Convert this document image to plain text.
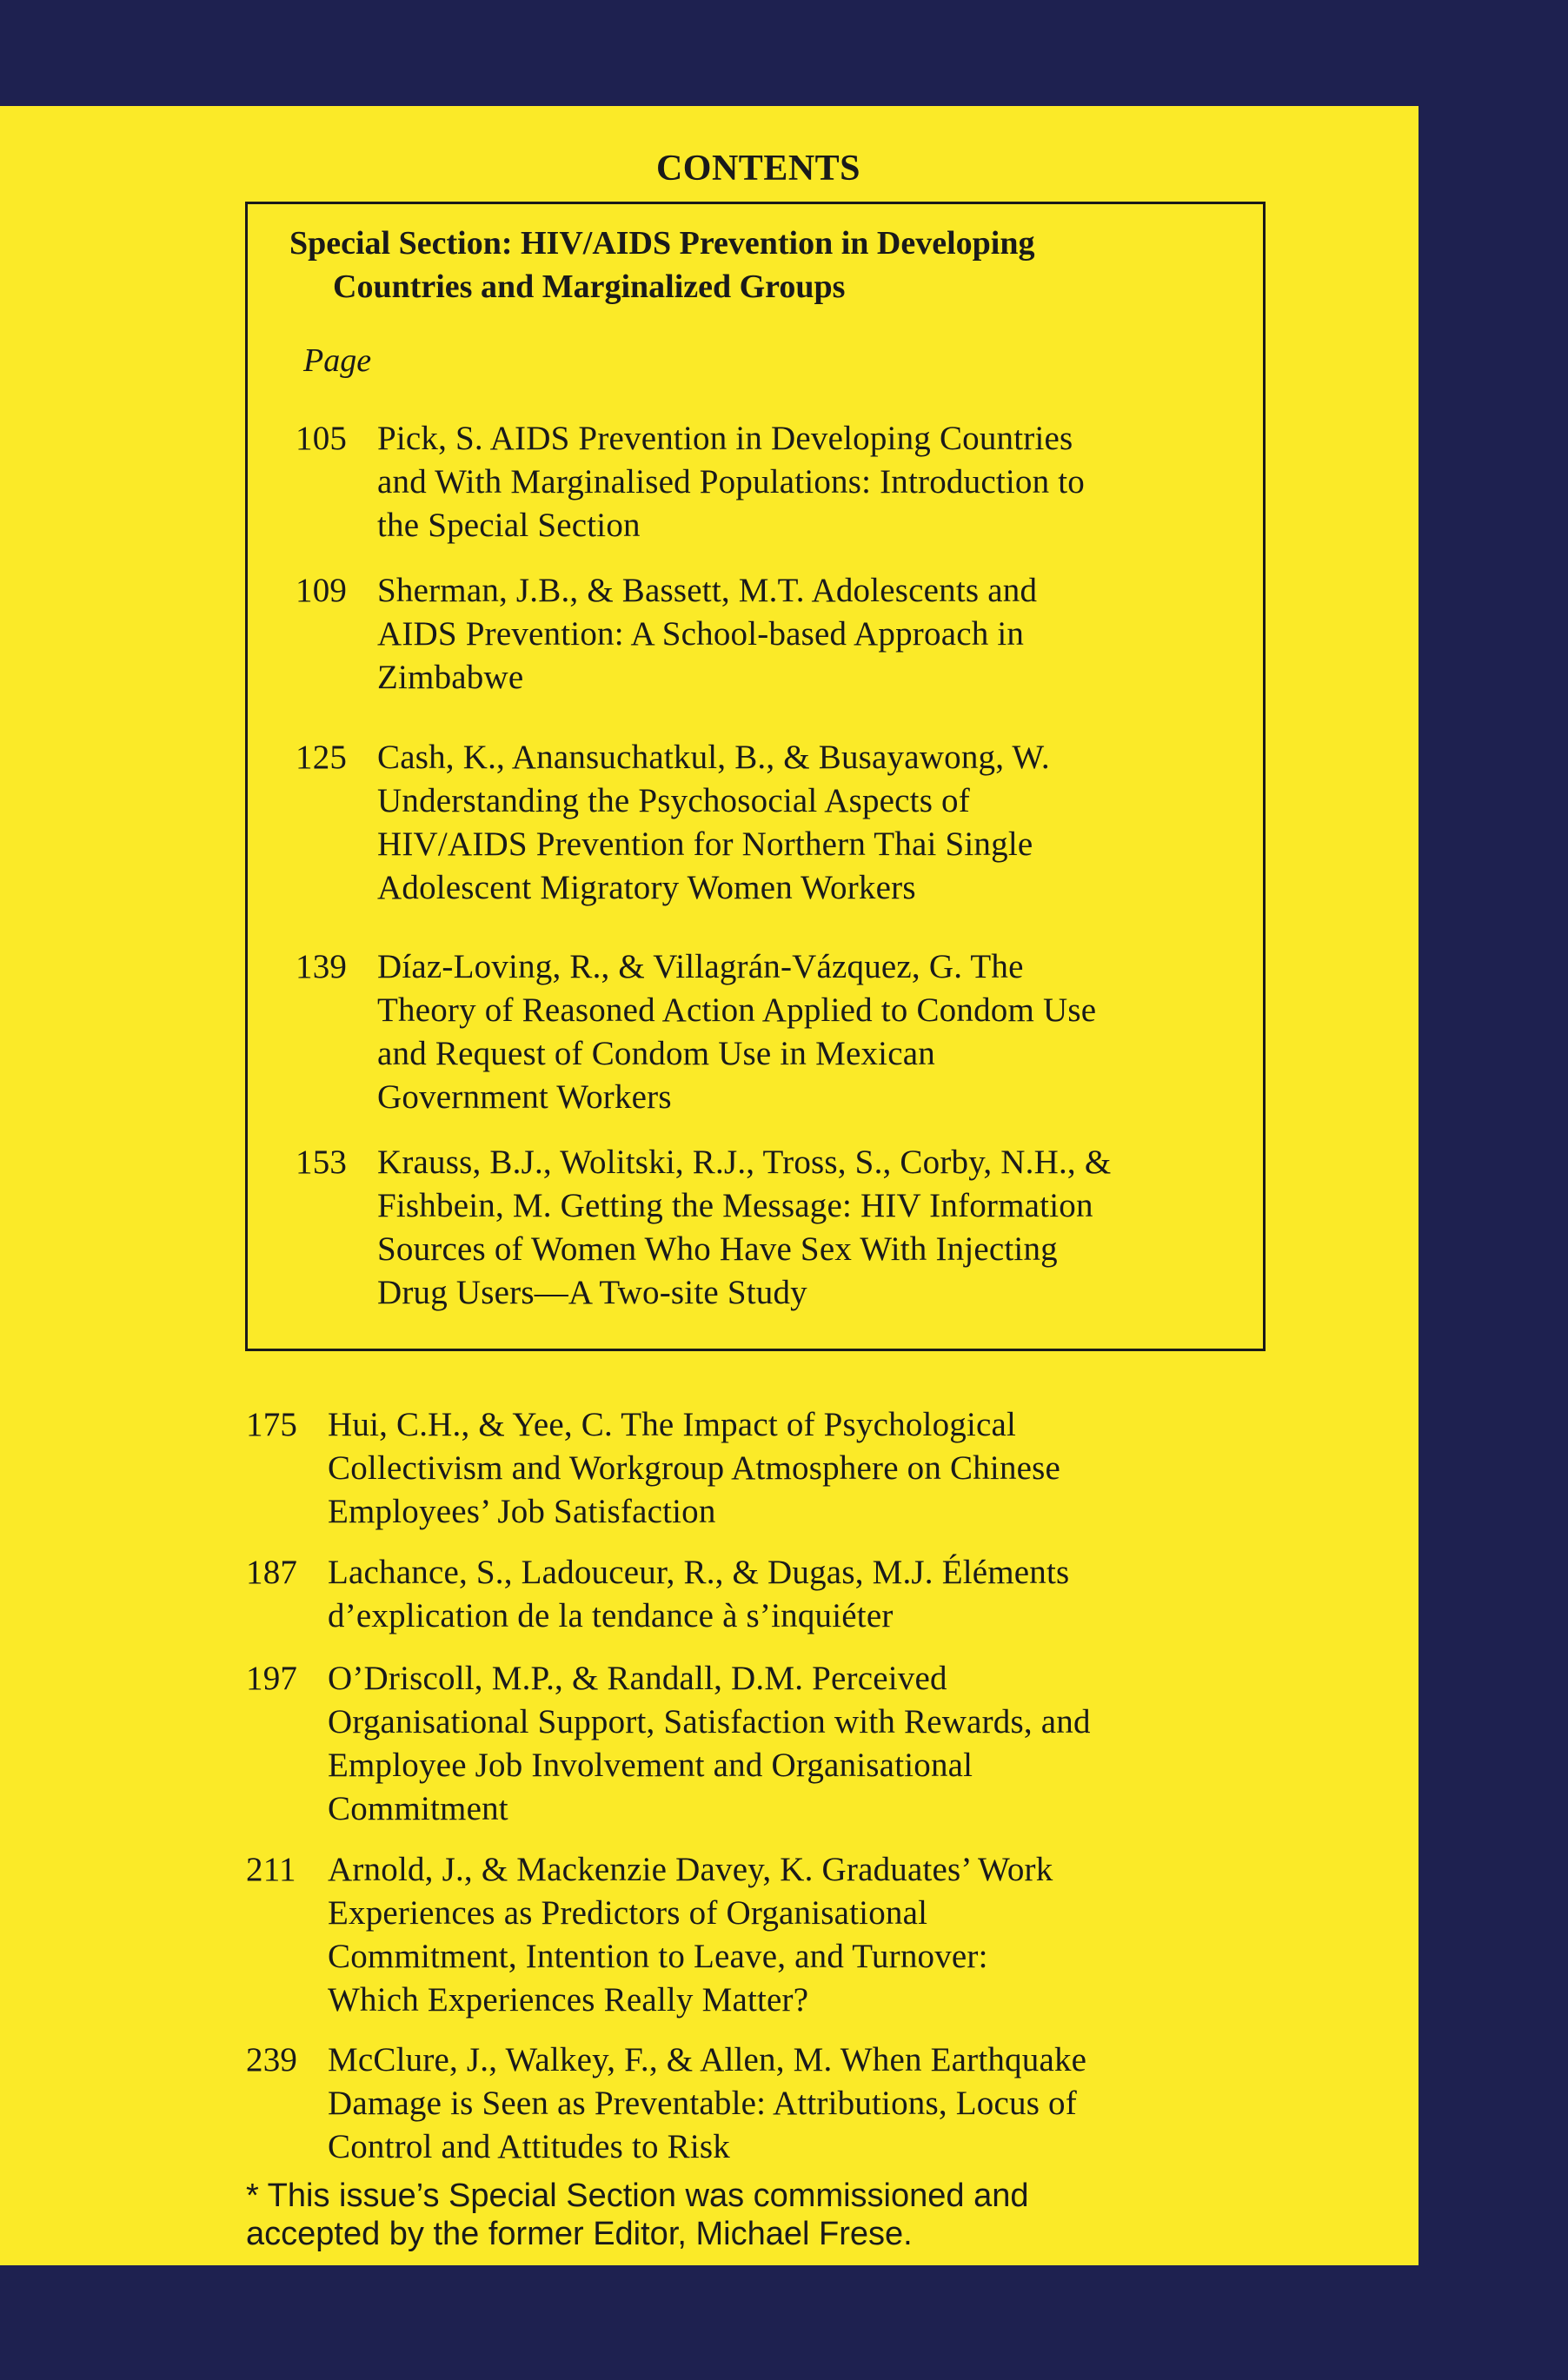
CONTENTS
Special Section: HIV/AIDS Prevention in Developing
Countries and Marginalized Groups
Page
105 Pick, S. AIDS Prevention in Developing Countries
and With Marginalised Populations: Introduction to
the Special Section
109 Sherman, J.B., & Bassett, M.T. Adolescents and
AIDS Prevention: A School-based Approach in
Zimbabwe
125 Cash, K., Anansuchatkul, B., & Busayawong, W.
Understanding the Psychosocial Aspects of
HIV/AIDS Prevention for Northern Thai Single
Adolescent Migratory Women Workers
139 Díaz-Loving, R., & Villagrán-Vázquez, G. The
Theory of Reasoned Action Applied to Condom Use
and Request of Condom Use in Mexican
Government Workers
153 Krauss, B.J., Wolitski, R.J., Tross, S., Corby, N.H., &
Fishbein, M. Getting the Message: HIV Information
Sources of Women Who Have Sex With Injecting
Drug Users—A Two-site Study
175 Hui, C.H., & Yee, C. The Impact of Psychological
Collectivism and Workgroup Atmosphere on Chinese
Employees’ Job Satisfaction
187 Lachance, S., Ladouceur, R., & Dugas, M.J. Éléments
d’explication de la tendance à s’inquiéter
197 O’Driscoll, M.P., & Randall, D.M. Perceived
Organisational Support, Satisfaction with Rewards, and
Employee Job Involvement and Organisational
Commitment
211 Arnold, J., & Mackenzie Davey, K. Graduates’ Work
Experiences as Predictors of Organisational
Commitment, Intention to Leave, and Turnover:
Which Experiences Really Matter?
239 McClure, J., Walkey, F., & Allen, M. When Earthquake
Damage is Seen as Preventable: Attributions, Locus of
Control and Attitudes to Risk
* This issue’s Special Section was commissioned and
accepted by the former Editor, Michael Frese.
